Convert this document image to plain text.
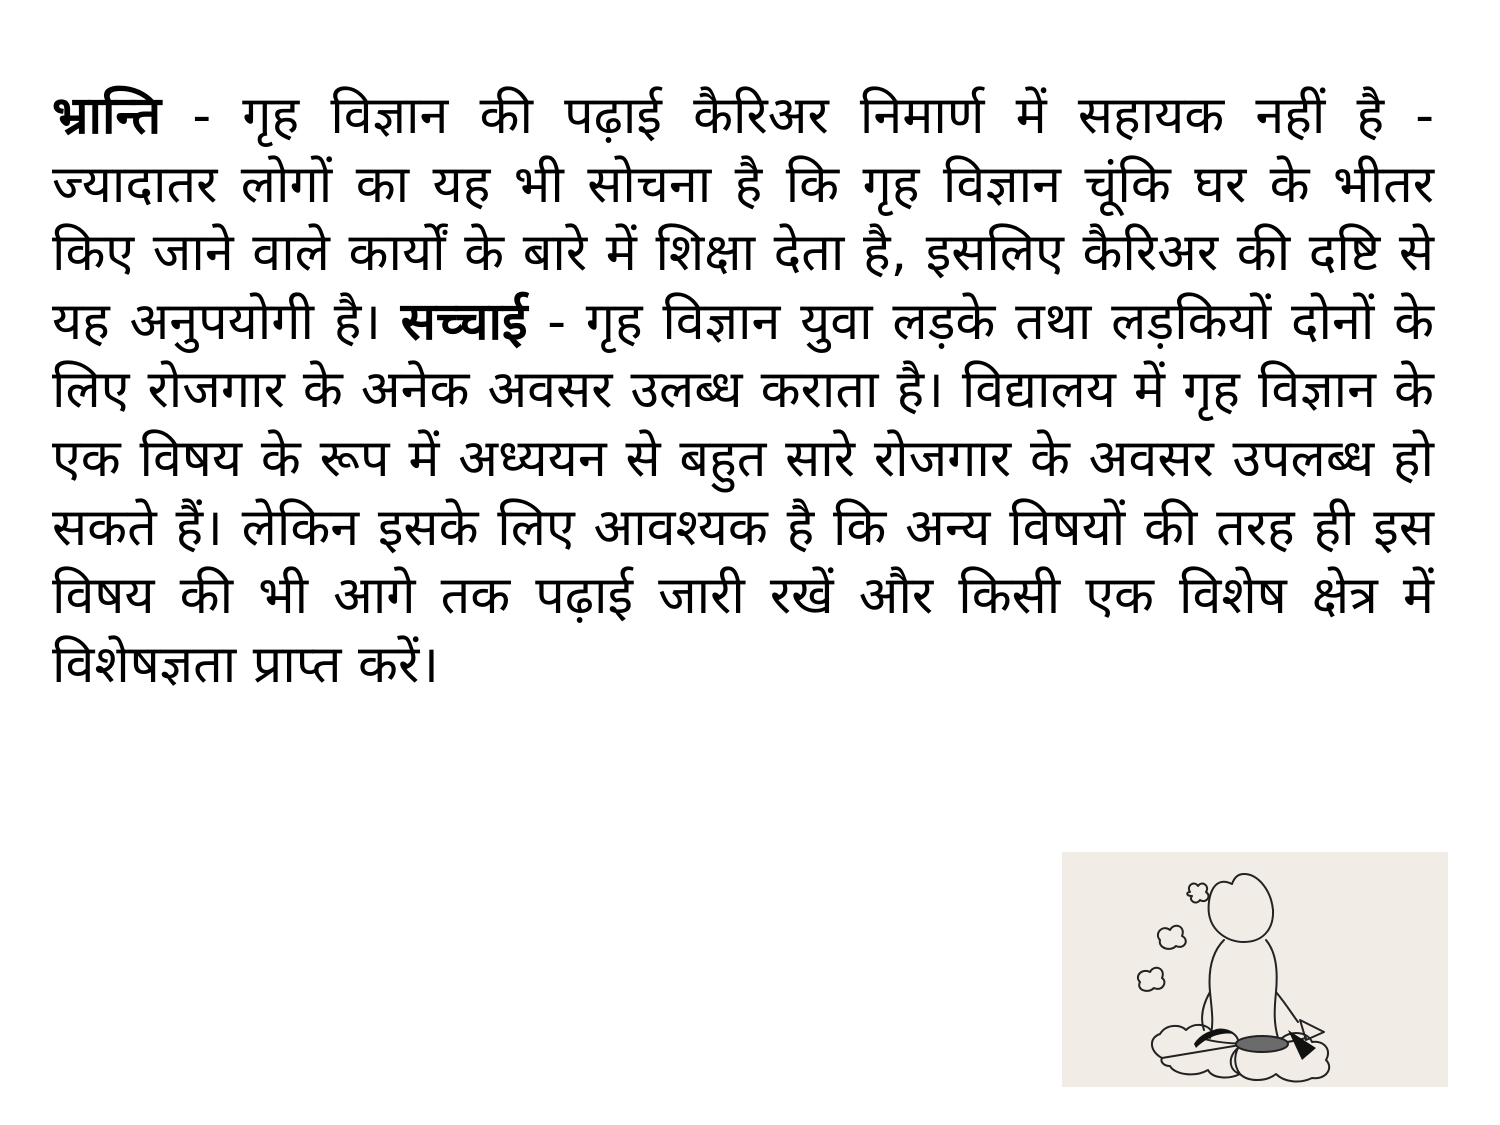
भ्रान्ति - गृह विज्ञान की पढ़ाई कैरिअर निमार्ण में सहायक नहीं है - ज्यादातर लोगों का यह भी सोचना है कि गृह विज्ञान चूंकि घर के भीतर किए जाने वाले कार्यों के बारे में शिक्षा देता है, इसलिए कैरिअर की दष्टि से यह अनुपयोगी है। सच्चाई - गृह विज्ञान युवा लड़के तथा लड़कियों दोनों के लिए रोजगार के अनेक अवसर उलब्ध कराता है। विद्यालय में गृह विज्ञान के एक विषय के रूप में अध्ययन से बहुत सारे रोजगार के अवसर उपलब्ध हो सकते हैं। लेकिन इसके लिए आवश्यक है कि अन्य विषयों की तरह ही इस विषय की भी आगे तक पढ़ाई जारी रखें और किसी एक विशेष क्षेत्र में विशेषज्ञता प्राप्त करें।
